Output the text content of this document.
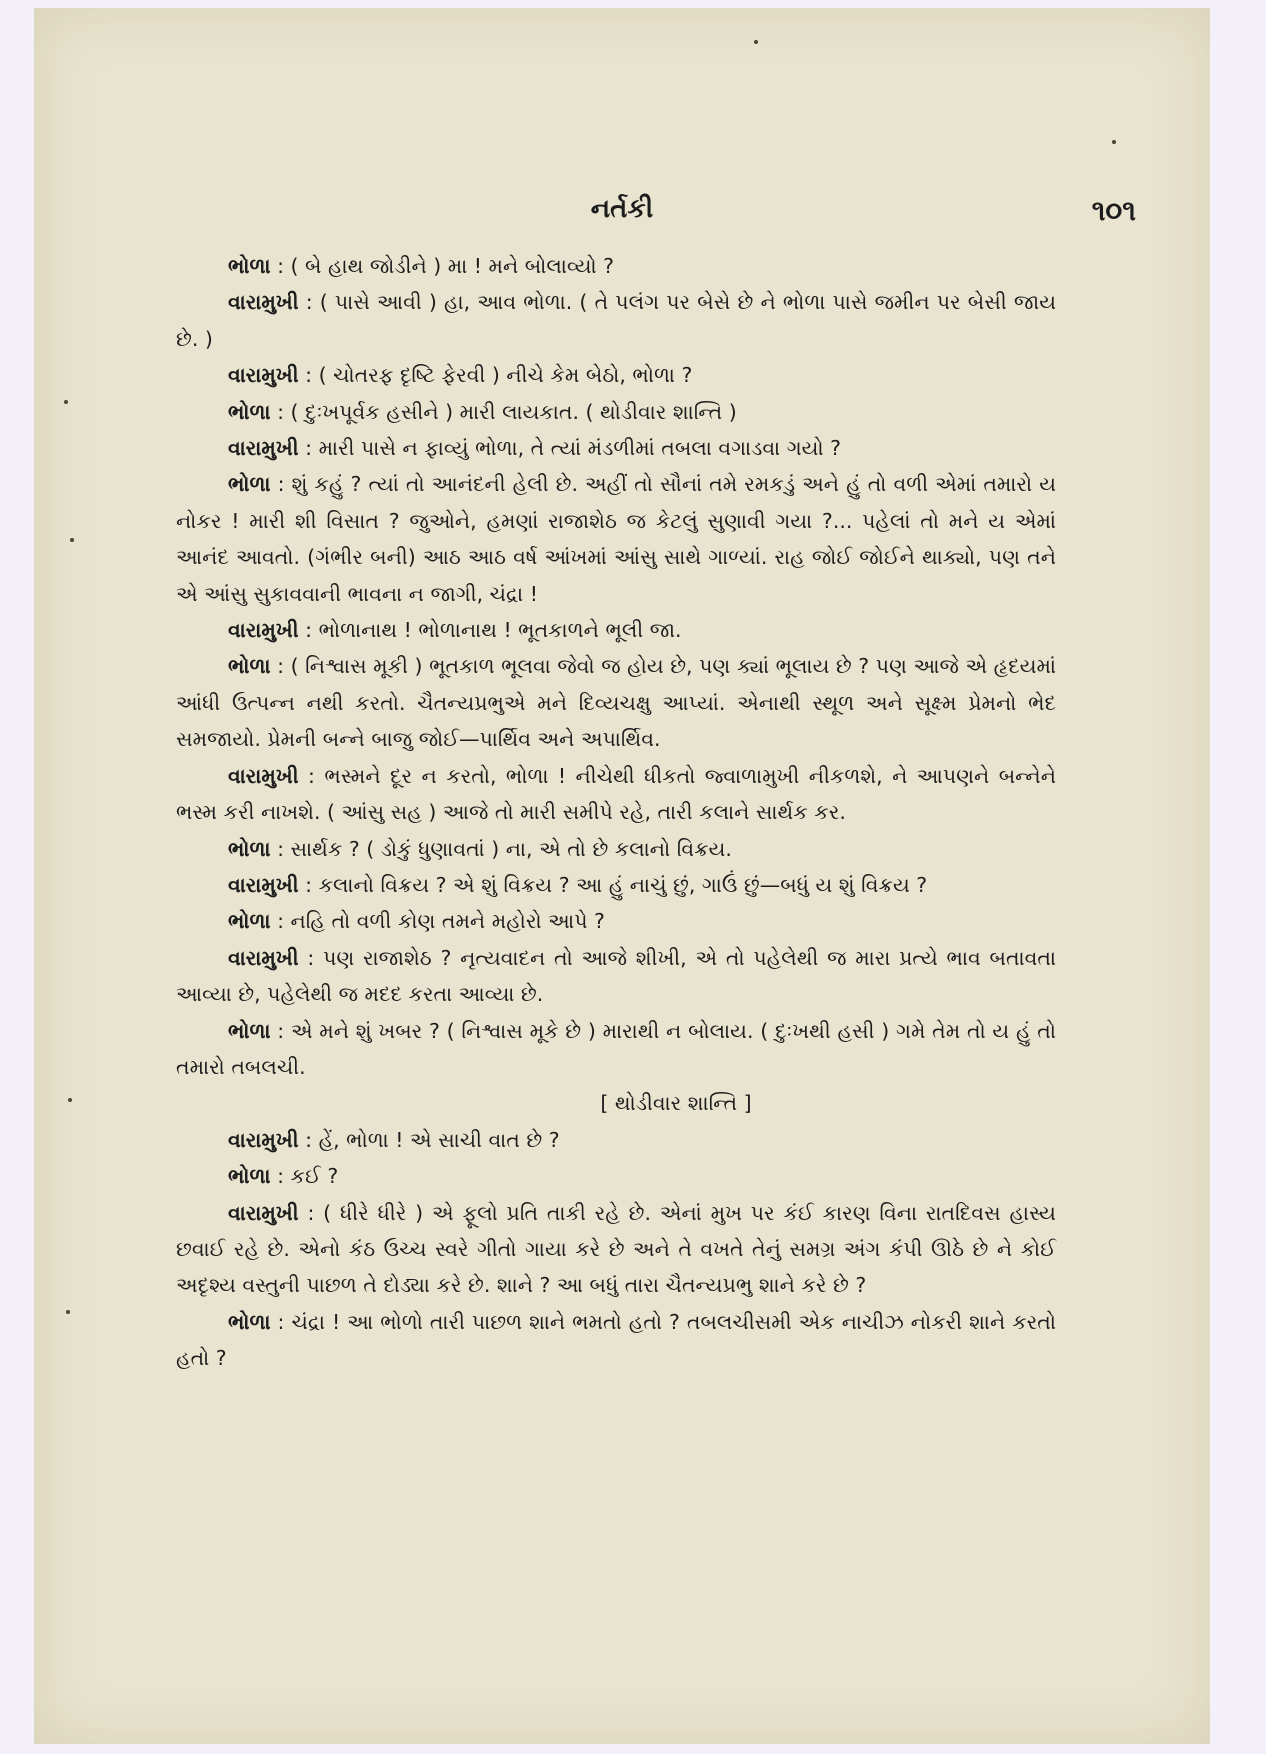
નર્તકી	૧૦૧

ભોળા : ( બે હાથ જોડીને ) મા ! મને બોલાવ્યો ?

વારામુખી : ( પાસે આવી ) હા, આવ ભોળા. ( તે પલંગ પર બેસે છે ને ભોળા પાસે જમીન પર બેસી જાય છે. )

વારામુખી : ( ચોતરફ દૃષ્ટિ ફેરવી ) નીચે કેમ બેઠો, ભોળા ?

ભોળા : ( દુઃખપૂર્વક હસીને ) મારી લાયકાત. ( થોડીવાર શાન્તિ )

વારામુખી : મારી પાસે ન ફાવ્યું ભોળા, તે ત્યાં મંડળીમાં તબલા વગાડવા ગયો ?

ભોળા : શું કહું ? ત્યાં તો આનંદની હેલી છે. અહીં તો સૌનાં તમે રમકડું અને હું તો વળી એમાં તમારો ય નોકર ! મારી શી વિસાત ? જુઓને, હમણાં રાજાશેઠ જ કેટલું સુણાવી ગયા ?... પહેલાં તો મને ય એમાં આનંદ આવતો. (ગંભીર બની) આઠ આઠ વર્ષ આંખમાં આંસુ સાથે ગાળ્યાં. રાહ જોઈ જોઈને થાક્યો, પણ તને એ આંસુ સુકાવવાની ભાવના ન જાગી, ચંદ્રા !

વારામુખી : ભોળાનાથ ! ભોળાનાથ ! ભૂતકાળને ભૂલી જા.

ભોળા : ( નિશ્વાસ મૂકી ) ભૂતકાળ ભૂલવા જેવો જ હોય છે, પણ ક્યાં ભૂલાય છે ? પણ આજે એ હૃદયમાં આંધી ઉત્પન્ન નથી કરતો. ચૈતન્યપ્રભુએ મને દિવ્યચક્ષુ આપ્યાં. એનાથી સ્થૂળ અને સૂક્ષ્મ પ્રેમનો ભેદ સમજાયો. પ્રેમની બન્ને બાજુ જોઈ—પાર્થિવ અને અપાર્થિવ.

વારામુખી : ભસ્મને દૂર ન કરતો, ભોળા ! નીચેથી ધીકતો જ્વાળામુખી નીકળશે, ને આપણને બન્નેને ભસ્મ કરી નાખશે. ( આંસુ સહ ) આજે તો મારી સમીપે રહે, તારી કલાને સાર્થક કર.

ભોળા : સાર્થક ? ( ડોકું ધુણાવતાં ) ના, એ તો છે કલાનો વિક્રય.

વારામુખી : કલાનો વિક્રય ? એ શું વિક્રય ? આ હું નાચું છું, ગાઉં છું—બધું ય શું વિક્રય ?

ભોળા : નહિ તો વળી કોણ તમને મહોરો આપે ?

વારામુખી : પણ રાજાશેઠ ? નૃત્યવાદન તો આજે શીખી, એ તો પહેલેથી જ મારા પ્રત્યે ભાવ બતાવતા આવ્યા છે, પહેલેથી જ મદદ કરતા આવ્યા છે.

ભોળા : એ મને શું ખબર ? ( નિશ્વાસ મૂકે છે ) મારાથી ન બોલાય. ( દુઃખથી હસી ) ગમે તેમ તો ય હું તો તમારો તબલચી.

[ થોડીવાર શાન્તિ ]

વારામુખી : હેં, ભોળા ! એ સાચી વાત છે ?

ભોળા : કઈ ?

વારામુખી : ( ધીરે ધીરે ) એ ફૂલો પ્રતિ તાકી રહે છે. એનાં મુખ પર કંઈ કારણ વિના રાતદિવસ હાસ્ય છવાઈ રહે છે. એનો કંઠ ઉચ્ચ સ્વરે ગીતો ગાયા કરે છે અને તે વખતે તેનું સમગ્ર અંગ કંપી ઊઠે છે ને કોઈ અદૃશ્ય વસ્તુની પાછળ તે દોડ્યા કરે છે. શાને ? આ બધું તારા ચૈતન્યપ્રભુ શાને કરે છે ?

ભોળા : ચંદ્રા ! આ ભોળો તારી પાછળ શાને ભમતો હતો ? તબલચીસમી એક નાચીઝ નોકરી શાને કરતો હતો ?
